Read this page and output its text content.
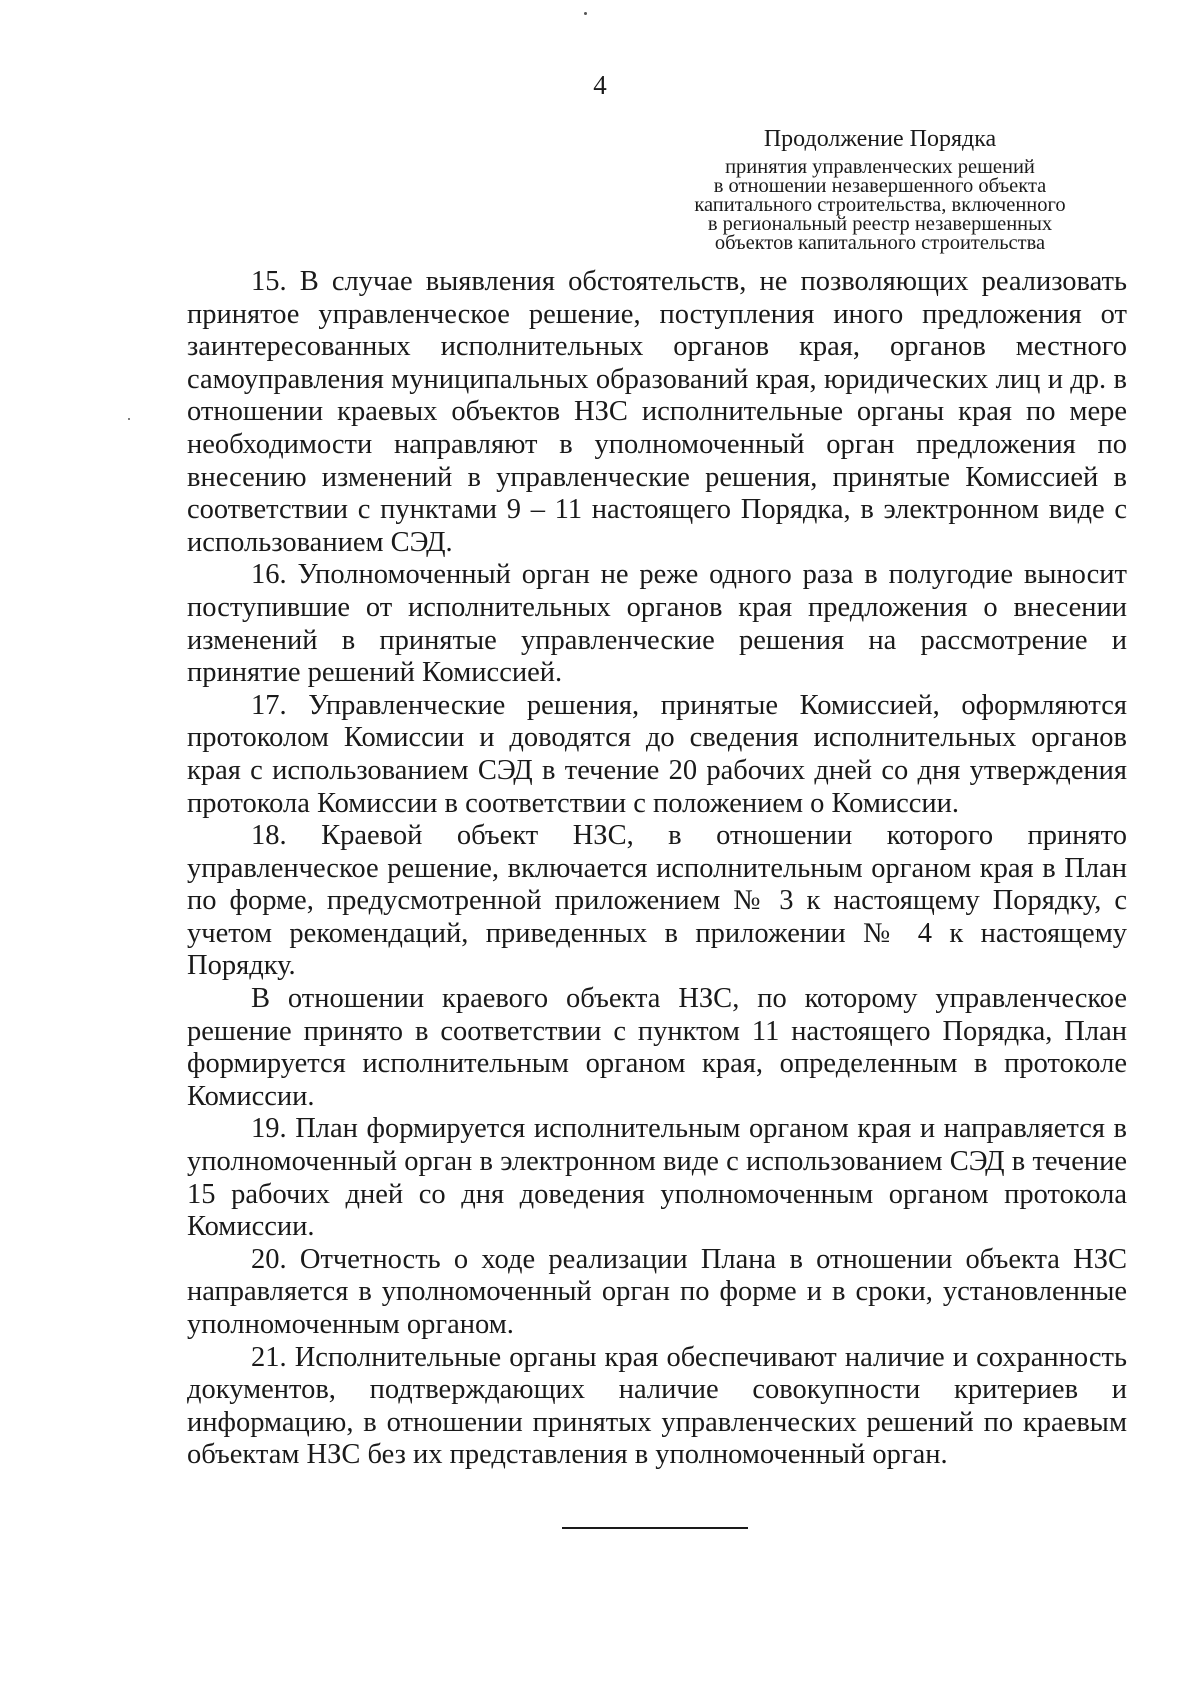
4
Продолжение Порядка
принятия управленческих решений
в отношении незавершенного объекта
капитального строительства, включенного
в региональный реестр незавершенных
объектов капитального строительства

15. В случае выявления обстоятельств, не позволяющих реализовать принятое управленческое решение, поступления иного предложения от заинтересованных исполнительных органов края, органов местного самоуправления муниципальных образований края, юридических лиц и др. в отношении краевых объектов НЗС исполнительные органы края по мере необходимости направляют в уполномоченный орган предложения по внесению изменений в управленческие решения, принятые Комиссией в соответствии с пунктами 9 – 11 настоящего Порядка, в электронном виде с использованием СЭД.

16. Уполномоченный орган не реже одного раза в полугодие выносит поступившие от исполнительных органов края предложения о внесении изменений в принятые управленческие решения на рассмотрение и принятие решений Комиссией.

17. Управленческие решения, принятые Комиссией, оформляются протоколом Комиссии и доводятся до сведения исполнительных органов края с использованием СЭД в течение 20 рабочих дней со дня утверждения протокола Комиссии в соответствии с положением о Комиссии.

18. Краевой объект НЗС, в отношении которого принято управленческое решение, включается исполнительным органом края в План по форме, предусмотренной приложением № 3 к настоящему Порядку, с учетом рекомендаций, приведенных в приложении № 4 к настоящему Порядку.

В отношении краевого объекта НЗС, по которому управленческое решение принято в соответствии с пунктом 11 настоящего Порядка, План формируется исполнительным органом края, определенным в протоколе Комиссии.

19. План формируется исполнительным органом края и направляется в уполномоченный орган в электронном виде с использованием СЭД в течение 15 рабочих дней со дня доведения уполномоченным органом протокола Комиссии.

20. Отчетность о ходе реализации Плана в отношении объекта НЗС направляется в уполномоченный орган по форме и в сроки, установленные уполномоченным органом.

21. Исполнительные органы края обеспечивают наличие и сохранность документов, подтверждающих наличие совокупности критериев и информацию, в отношении принятых управленческих решений по краевым объектам НЗС без их представления в уполномоченный орган.
